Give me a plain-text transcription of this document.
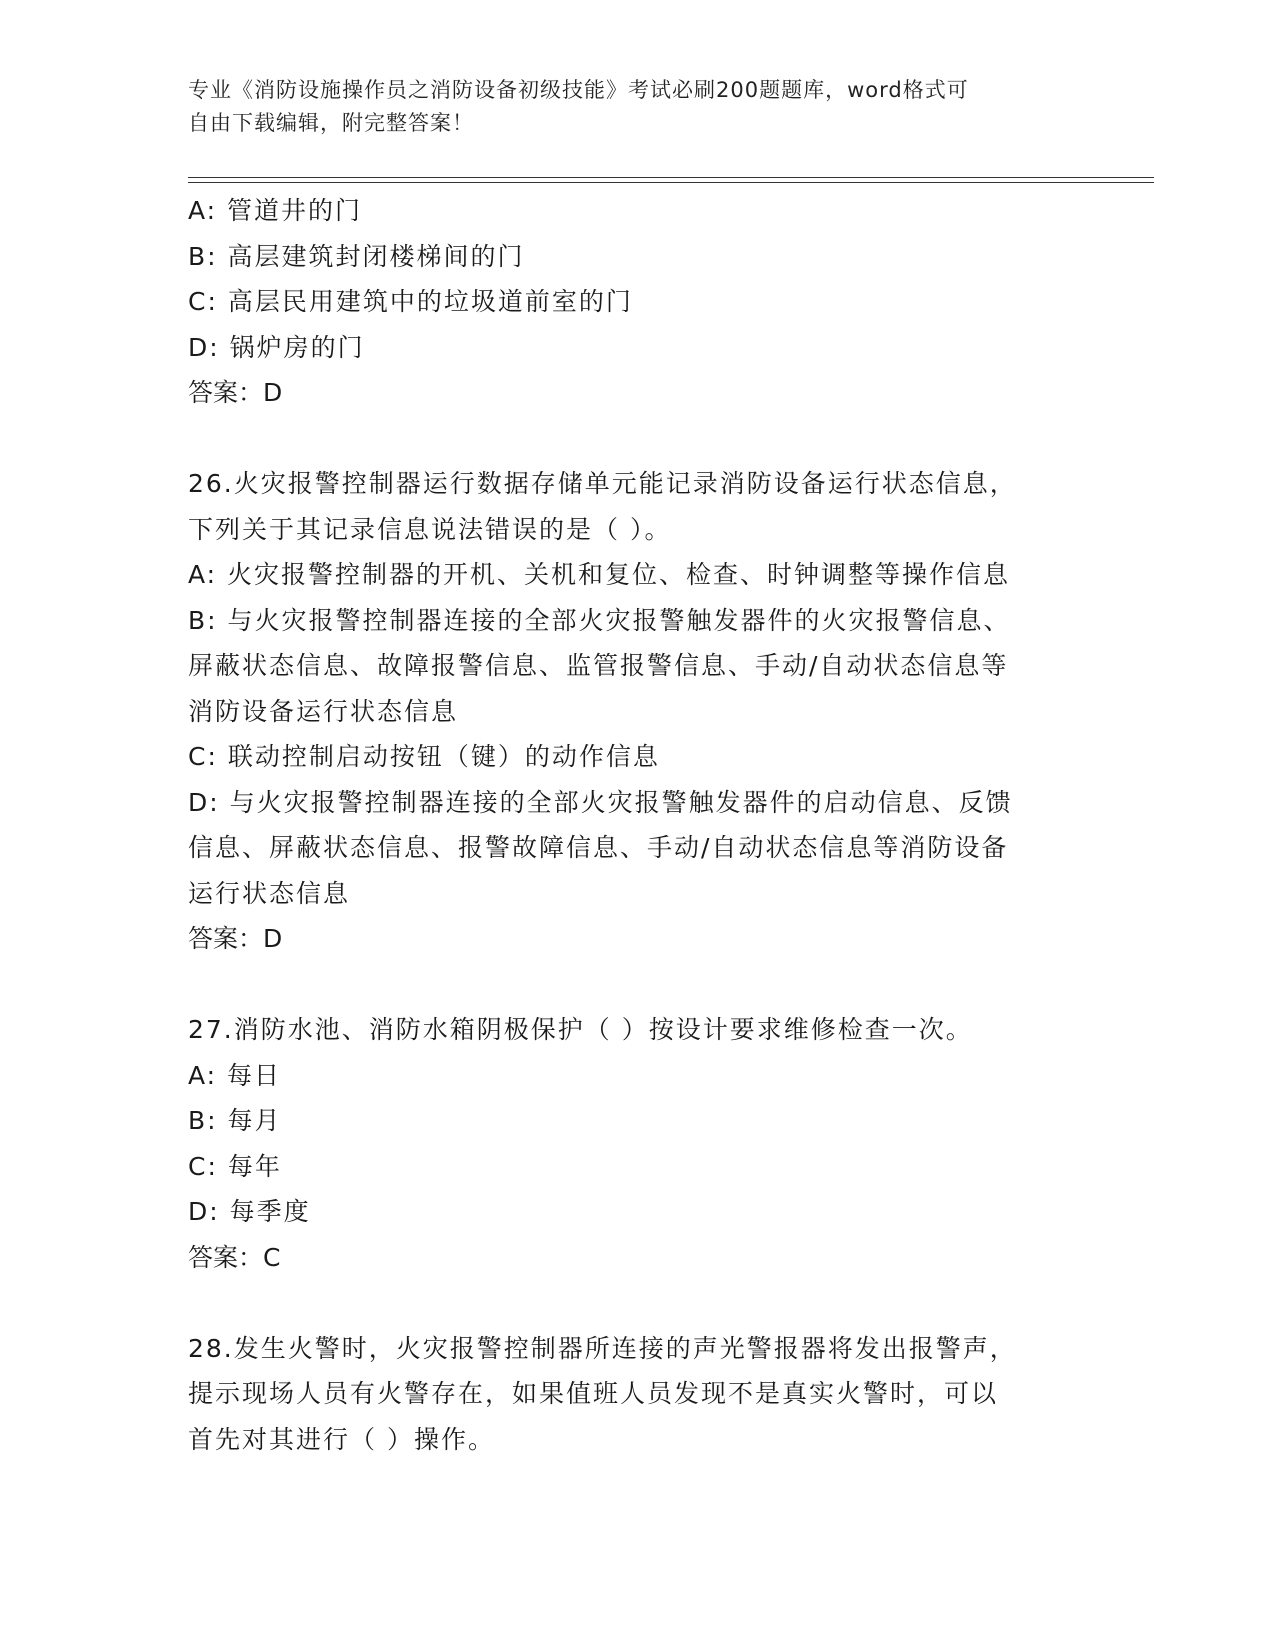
专业《消防设施操作员之消防设备初级技能》考试必刷200题题库，word格式可
自由下载编辑，附完整答案！
A: 管道井的门
B: 高层建筑封闭楼梯间的门
C: 高层民用建筑中的垃圾道前室的门
D: 锅炉房的门
答案：D
26.火灾报警控制器运行数据存储单元能记录消防设备运行状态信息，
下列关于其记录信息说法错误的是（ ）。
A: 火灾报警控制器的开机、关机和复位、检查、时钟调整等操作信息
B: 与火灾报警控制器连接的全部火灾报警触发器件的火灾报警信息、
屏蔽状态信息、故障报警信息、监管报警信息、手动/自动状态信息等
消防设备运行状态信息
C: 联动控制启动按钮（键）的动作信息
D: 与火灾报警控制器连接的全部火灾报警触发器件的启动信息、反馈
信息、屏蔽状态信息、报警故障信息、手动/自动状态信息等消防设备
运行状态信息
答案：D
27.消防水池、消防水箱阴极保护（ ）按设计要求维修检查一次。
A: 每日
B: 每月
C: 每年
D: 每季度
答案：C
28.发生火警时，火灾报警控制器所连接的声光警报器将发出报警声，
提示现场人员有火警存在，如果值班人员发现不是真实火警时，可以
首先对其进行（ ）操作。
